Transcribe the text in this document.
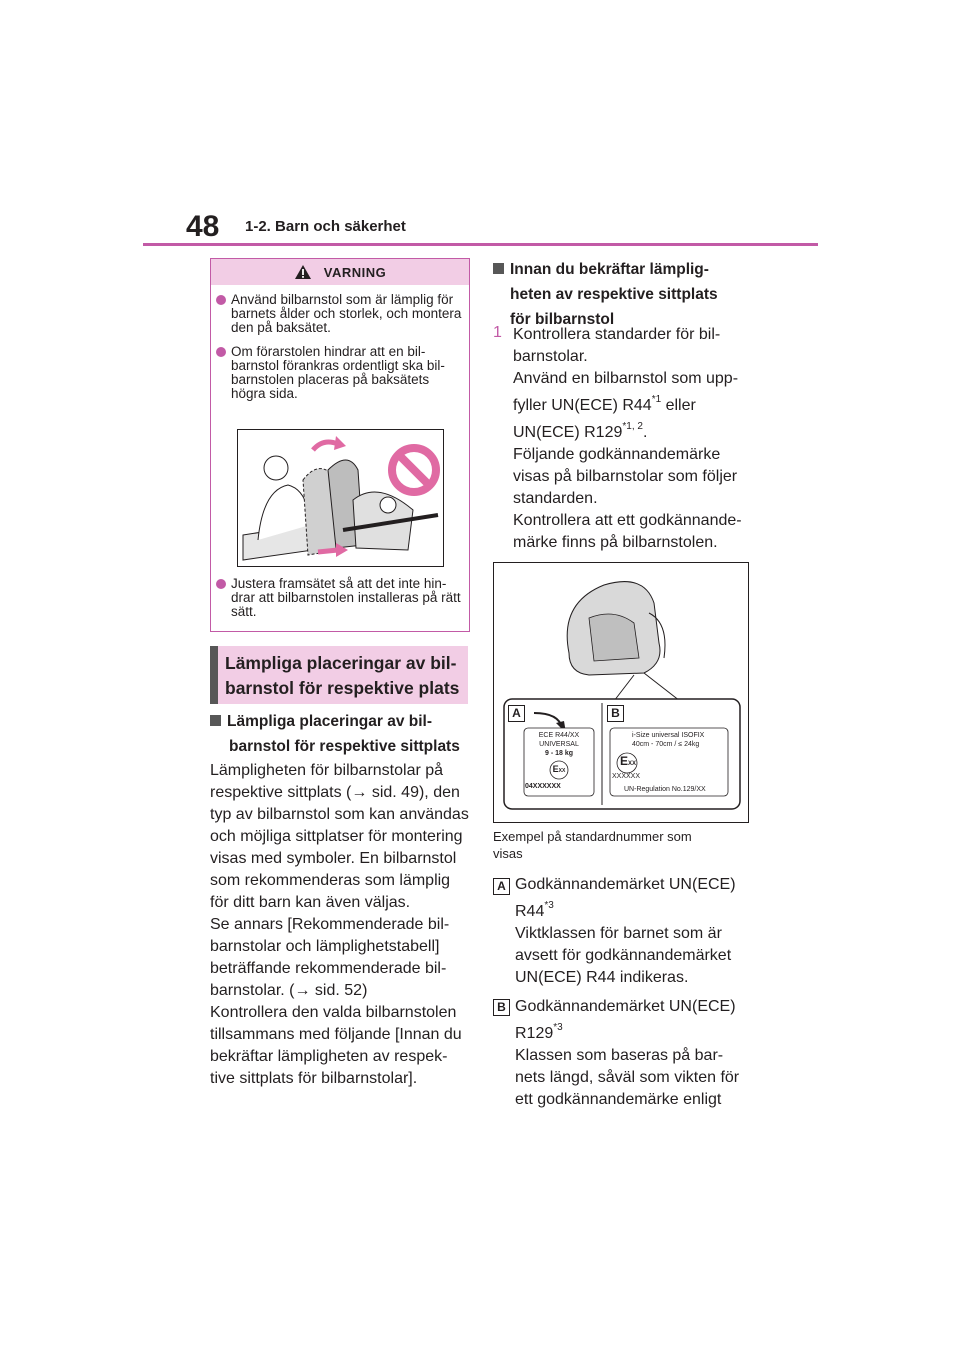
48 1-2. Barn och säkerhet
VARNING
Använd bilbarnstol som är lämplig för barnets ålder och storlek, och montera den på baksätet.
Om förarstolen hindrar att en bil-barnstol förankras ordentligt ska bil-barnstolen placeras på baksätets högra sida.
Justera framsätet så att det inte hin-drar att bilbarnstolen installeras på rätt sätt.
Lämpliga placeringar av bil-
barnstol för respektive plats
Lämpliga placeringar av bil-
barnstol för respektive sittplats
Lämpligheten för bilbarnstolar på
respektive sittplats (→ sid. 49), den
typ av bilbarnstol som kan användas
och möjliga sittplatser för montering
visas med symboler. En bilbarnstol
som rekommenderas som lämplig
för ditt barn kan även väljas.
Se annars [Rekommenderade bil-
barnstolar och lämplighetstabell]
beträffande rekommenderade bil-
barnstolar. (→ sid. 52)
Kontrollera den valda bilbarnstolen
tillsammans med följande [Innan du
bekräftar lämpligheten av respek-
tive sittplats för bilbarnstolar].
Innan du bekräftar lämplig-
heten av respektive sittplats
för bilbarnstol
1 Kontrollera standarder för bil-
barnstolar.
Använd en bilbarnstol som upp-
fyller UN(ECE) R44$^{*1}$ eller
UN(ECE) R129$^{*1, 2}$.
Följande godkännandemärke
visas på bilbarnstolar som följer
standarden.
Kontrollera att ett godkännande-
märke finns på bilbarnstolen.
A	B
ECE R44/XX
UNIVERSAL
9 - 18 kg
EXX
04XXXXXX
i-Size universal ISOFIX
40cm - 70cm / ≤ 24kg
EXX
XXXXXX
UN-Regulation No.129/XX
Exempel på standardnummer som
visas
A Godkännandemärket UN(ECE)
R44$^{*3}$
Viktklassen för barnet som är
avsett för godkännandemärket
UN(ECE) R44 indikeras.
B Godkännandemärket UN(ECE)
R129$^{*3}$
Klassen som baseras på bar-
nets längd, såväl som vikten för
ett godkännandemärke enligt
